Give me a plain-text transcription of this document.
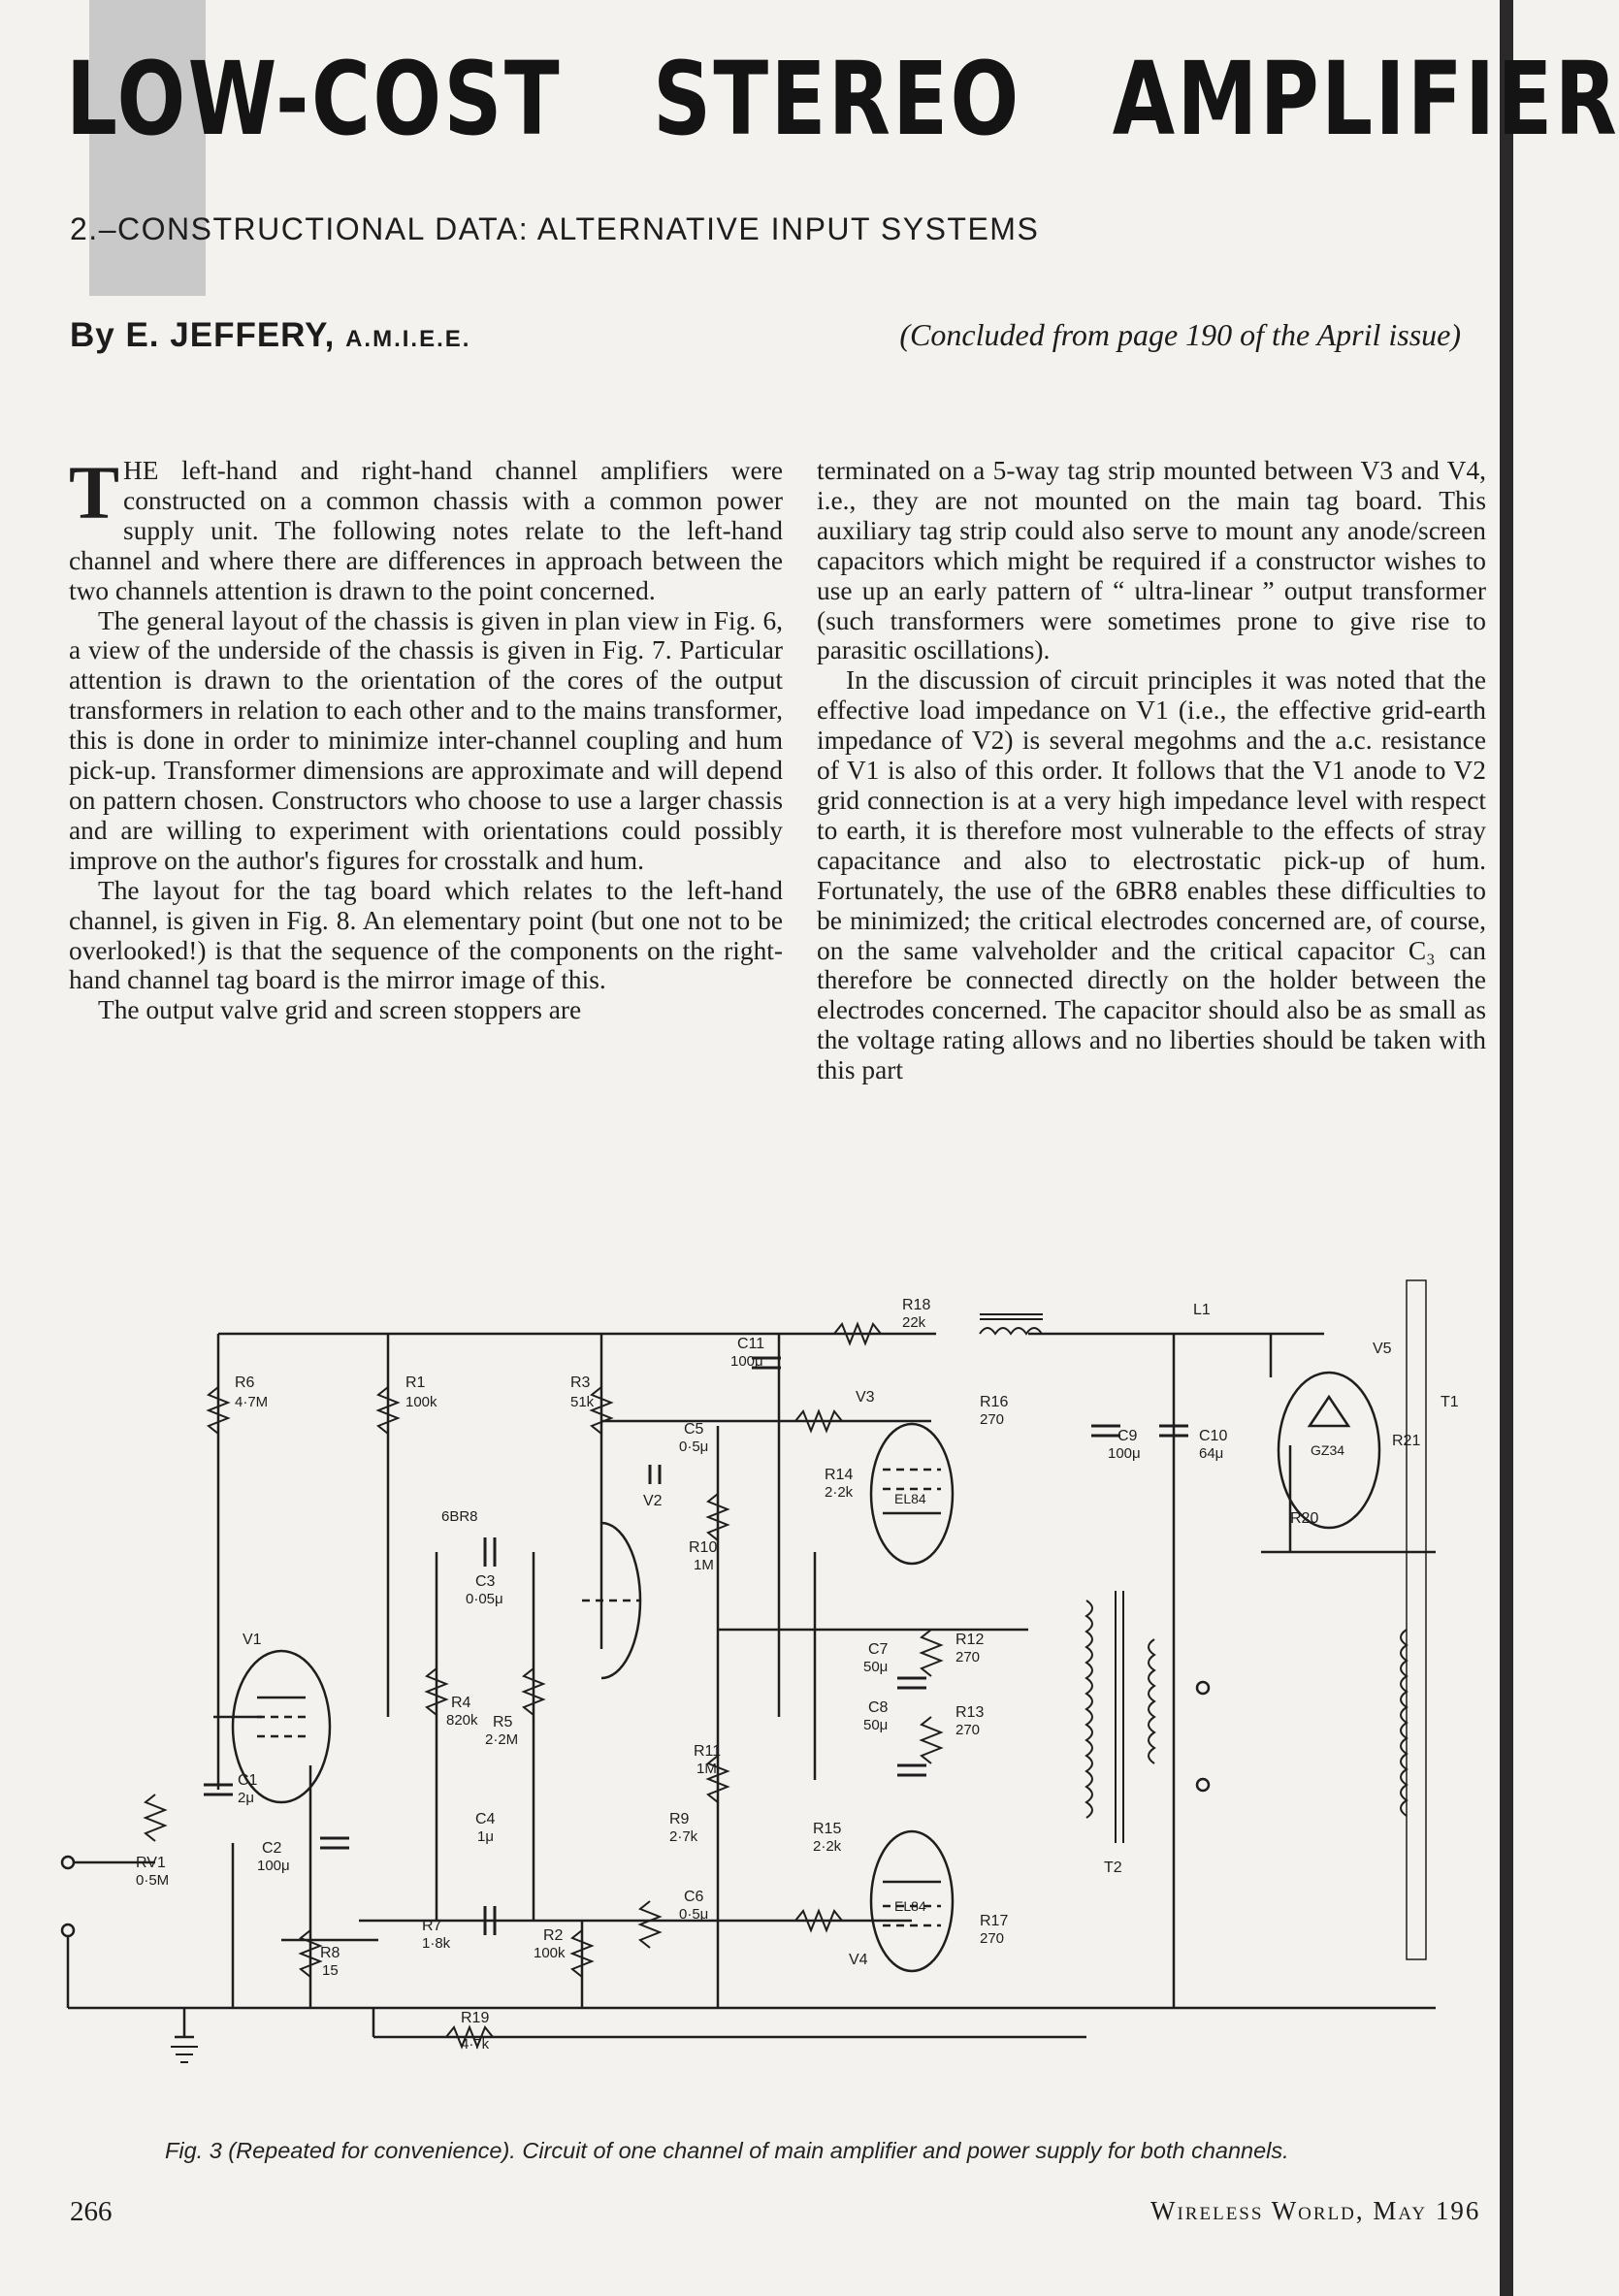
LOW-COST   STEREO   AMPLIFIER
2.–CONSTRUCTIONAL DATA: ALTERNATIVE INPUT SYSTEMS
By E. JEFFERY, A.M.I.E.E.	(Concluded from page 190 of the April issue)

THE left-hand and right-hand channel amplifiers were constructed on a common chassis with a common power supply unit. The following notes relate to the left-hand channel and where there are differences in approach between the two channels attention is drawn to the point concerned.

The general layout of the chassis is given in plan view in Fig. 6, a view of the underside of the chassis is given in Fig. 7. Particular attention is drawn to the orientation of the cores of the output transformers in relation to each other and to the mains transformer, this is done in order to minimize inter-channel coupling and hum pick-up. Transformer dimensions are approximate and will depend on pattern chosen. Constructors who choose to use a larger chassis and are willing to experiment with orientations could possibly improve on the author's figures for crosstalk and hum.

The layout for the tag board which relates to the left-hand channel, is given in Fig. 8. An elementary point (but one not to be overlooked!) is that the sequence of the components on the right-hand channel tag board is the mirror image of this.

The output valve grid and screen stoppers are

terminated on a 5-way tag strip mounted between V3 and V4, i.e., they are not mounted on the main tag board. This auxiliary tag strip could also serve to mount any anode/screen capacitors which might be required if a constructor wishes to use up an early pattern of “ ultra-linear ” output transformer (such transformers were sometimes prone to give rise to parasitic oscillations).

In the discussion of circuit principles it was noted that the effective load impedance on V1 (i.e., the effective grid-earth impedance of V2) is several megohms and the a.c. resistance of V1 is also of this order. It follows that the V1 anode to V2 grid connection is at a very high impedance level with respect to earth, it is therefore most vulnerable to the effects of stray capacitance and also to electrostatic pick-up of hum. Fortunately, the use of the 6BR8 enables these difficulties to be minimized; the critical electrodes concerned are, of course, on the same valveholder and the critical capacitor C₃ can therefore be connected directly on the holder between the electrodes concerned. The capacitor should also be as small as the voltage rating allows and no liberties should be taken with this part

R18
22k
L1
V5
GZ34
T1
R6
4·7M
R1
100k
R3
51k
C11
100μ
V3
EL84
R16
270
C5
0·5μ
C9
100μ
C10
64μ
R21
R14
2·2k
R20
V2
6BR8
R10
1M
C3
0·05μ
V1
C7
50μ
R12
270
R4
820k R5
2·2M
C8
50μ
R13
270
C1
2μ
R11
1M
C4
1μ
R9
2·7k	R15
2·2k
V4
EL84
T2
RV1
0·5M
C2
100μ
C6
0·5μ	R17
270
R7
1·8k	R2
100k
R8
15
R19
4·7k
Fig. 3 (Repeated for convenience). Circuit of one channel of main amplifier and power supply for both channels.
266	Wireless World, May 196
